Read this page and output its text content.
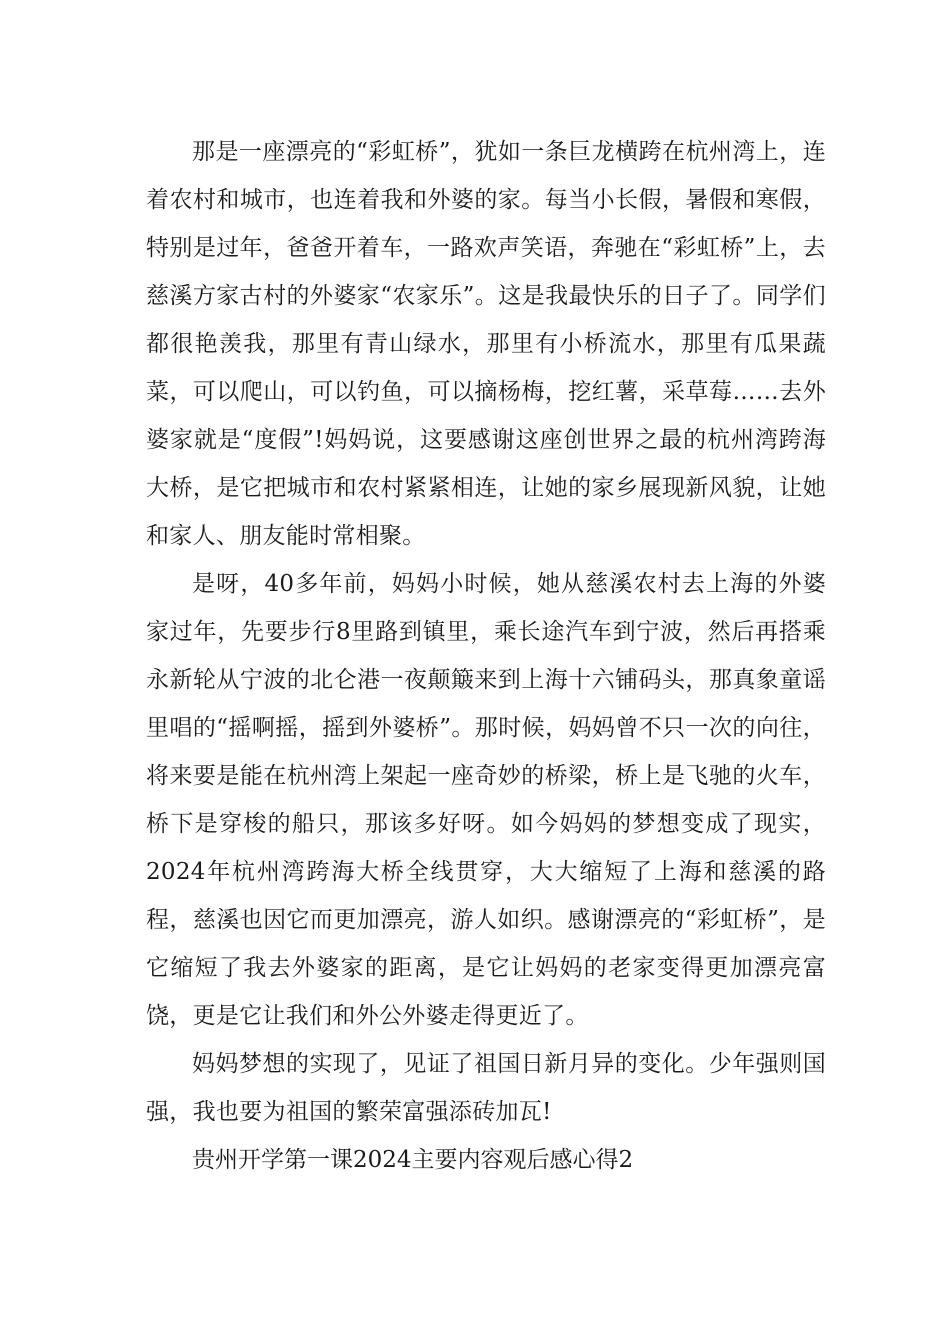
那是一座漂亮的“彩虹桥”，犹如一条巨龙横跨在杭州湾上，连着农村和城市，也连着我和外婆的家。每当小长假，暑假和寒假，特别是过年，爸爸开着车，一路欢声笑语，奔驰在“彩虹桥”上，去慈溪方家古村的外婆家“农家乐”。这是我最快乐的日子了。同学们都很艳羡我，那里有青山绿水，那里有小桥流水，那里有瓜果蔬菜，可以爬山，可以钓鱼，可以摘杨梅，挖红薯，采草莓……去外婆家就是“度假”!妈妈说，这要感谢这座创世界之最的杭州湾跨海大桥，是它把城市和农村紧紧相连，让她的家乡展现新风貌，让她和家人、朋友能时常相聚。

是呀，40多年前，妈妈小时候，她从慈溪农村去上海的外婆家过年，先要步行8里路到镇里，乘长途汽车到宁波，然后再搭乘永新轮从宁波的北仑港一夜颠簸来到上海十六铺码头，那真象童谣里唱的“摇啊摇，摇到外婆桥”。那时候，妈妈曾不只一次的向往，将来要是能在杭州湾上架起一座奇妙的桥梁，桥上是飞驰的火车，桥下是穿梭的船只，那该多好呀。如今妈妈的梦想变成了现实，2024年杭州湾跨海大桥全线贯穿，大大缩短了上海和慈溪的路程，慈溪也因它而更加漂亮，游人如织。感谢漂亮的“彩虹桥”，是它缩短了我去外婆家的距离，是它让妈妈的老家变得更加漂亮富饶，更是它让我们和外公外婆走得更近了。

妈妈梦想的实现了，见证了祖国日新月异的变化。少年强则国强，我也要为祖国的繁荣富强添砖加瓦!

贵州开学第一课2024主要内容观后感心得2
